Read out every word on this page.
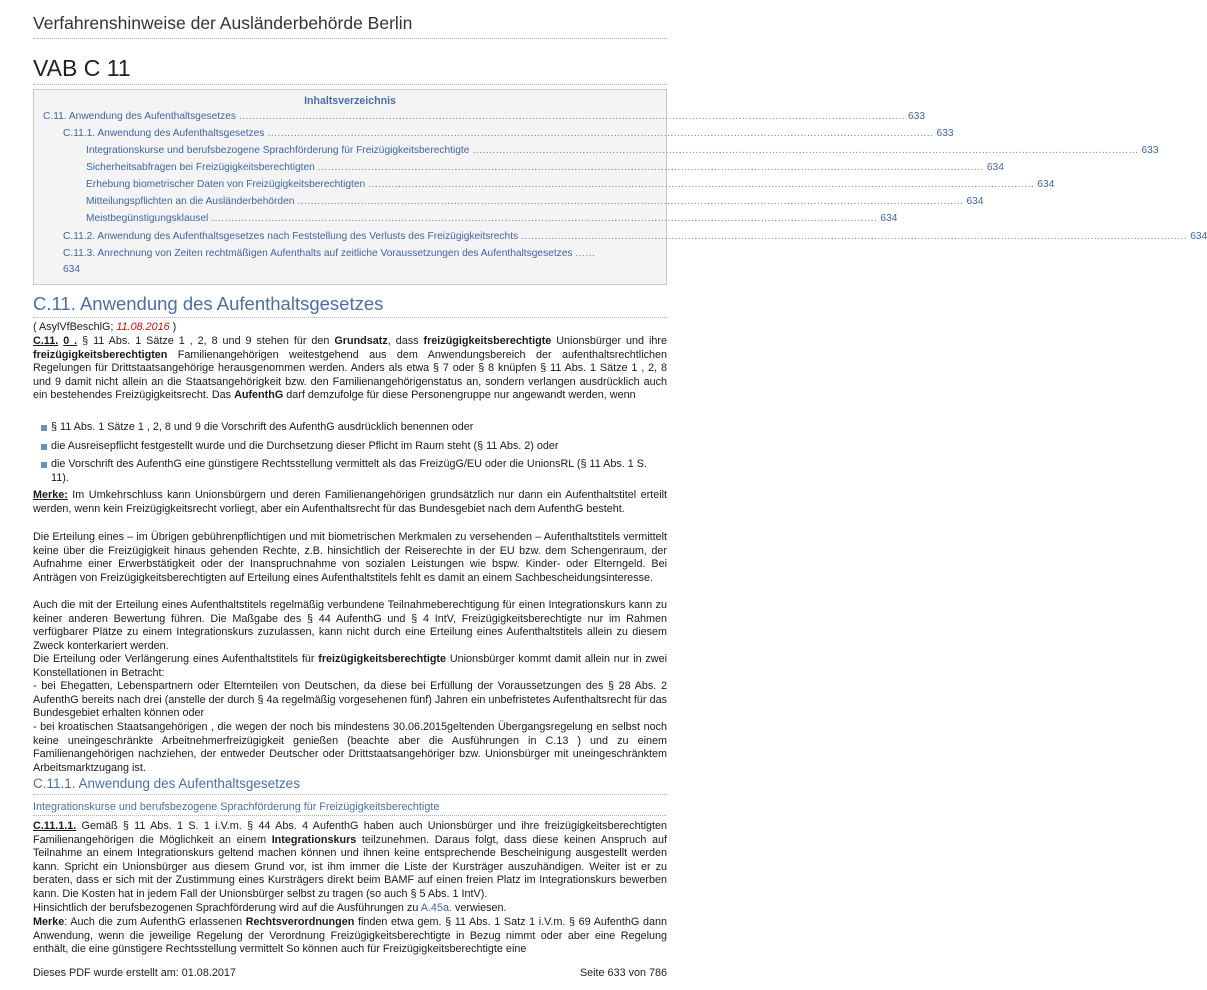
Verfahrenshinweise der Ausländerbehörde Berlin
VAB C 11
Inhaltsverzeichnis
C.11. Anwendung des Aufenthaltsgesetzes ........................................................................................................................................................................................................ 633
C.11.1. Anwendung des Aufenthaltsgesetzes ........................................................................................................................................................................................................ 633
Integrationskurse und berufsbezogene Sprachförderung für Freizügigkeitsberechtigte ........................................................................................................................................................................................................ 633
Sicherheitsabfragen bei Freizügigkeitsberechtigten ........................................................................................................................................................................................................ 634
Erhebung biometrischer Daten von Freizügigkeitsberechtigten ........................................................................................................................................................................................................ 634
Mitteilungspflichten an die Ausländerbehörden ........................................................................................................................................................................................................ 634
Meistbegünstigungsklausel ........................................................................................................................................................................................................ 634
C.11.2. Anwendung des Aufenthaltsgesetzes nach Feststellung des Verlusts des Freizügigkeitsrechts ........................................................................................................................................................................................................ 634
C.11.3. Anrechnung von Zeiten rechtmäßigen Aufenthalts auf zeitliche Voraussetzungen des Aufenthaltsgesetzes ......
634
C.11. Anwendung des Aufenthaltsgesetzes
( AsylVfBeschlG; 11.08.2016 )
C.11. 0 . § 11 Abs. 1 Sätze 1 , 2, 8 und 9 stehen für den Grundsatz, dass freizügigkeitsberechtigte Unionsbürger und ihre freizügigkeitsberechtigten Familienangehörigen weitestgehend aus dem Anwendungsbereich der aufenthaltsrechtlichen Regelungen für Drittstaatsangehörige herausgenommen werden. Anders als etwa § 7 oder § 8 knüpfen § 11 Abs. 1 Sätze 1 , 2, 8 und 9 damit nicht allein an die Staatsangehörigkeit bzw. den Familienangehörigenstatus an, sondern verlangen ausdrücklich auch ein bestehendes Freizügigkeitsrecht. Das AufenthG darf demzufolge für diese Personengruppe nur angewandt werden, wenn
§ 11 Abs. 1 Sätze 1 , 2, 8 und 9 die Vorschrift des AufenthG ausdrücklich benennen oder
die Ausreisepflicht festgestellt wurde und die Durchsetzung dieser Pflicht im Raum steht (§ 11 Abs. 2) oder
die Vorschrift des AufenthG eine günstigere Rechtsstellung vermittelt als das FreizügG/EU oder die UnionsRL (§ 11 Abs. 1 S. 11).
Merke: Im Umkehrschluss kann Unionsbürgern und deren Familienangehörigen grundsätzlich nur dann ein Aufenthaltstitel erteilt werden, wenn kein Freizügigkeitsrecht vorliegt, aber ein Aufenthaltsrecht für das Bundesgebiet nach dem AufenthG besteht.
Die Erteilung eines – im Übrigen gebührenpflichtigen und mit biometrischen Merkmalen zu versehenden – Aufenthaltstitels vermittelt keine über die Freizügigkeit hinaus gehenden Rechte, z.B. hinsichtlich der Reiserechte in der EU bzw. dem Schengenraum, der Aufnahme einer Erwerbstätigkeit oder der Inanspruchnahme von sozialen Leistungen wie bspw. Kinder- oder Elterngeld. Bei Anträgen von Freizügigkeitsberechtigten auf Erteilung eines Aufenthaltstitels fehlt es damit an einem Sachbescheidungsinteresse.
Auch die mit der Erteilung eines Aufenthaltstitels regelmäßig verbundene Teilnahmeberechtigung für einen Integrationskurs kann zu keiner anderen Bewertung führen. Die Maßgabe des § 44 AufenthG und § 4 IntV, Freizügigkeitsberechtigte nur im Rahmen verfügbarer Plätze zu einem Integrationskurs zuzulassen, kann nicht durch eine Erteilung eines Aufenthaltstitels allein zu diesem Zweck konterkariert werden.
Die Erteilung oder Verlängerung eines Aufenthaltstitels für freizügigkeitsberechtigte Unionsbürger kommt damit allein nur in zwei Konstellationen in Betracht:
- bei Ehegatten, Lebenspartnern oder Elternteilen von Deutschen, da diese bei Erfüllung der Voraussetzungen des § 28 Abs. 2 AufenthG bereits nach drei (anstelle der durch § 4a regelmäßig vorgesehenen fünf) Jahren ein unbefristetes Aufenthaltsrecht für das Bundesgebiet erhalten können oder
- bei kroatischen Staatsangehörigen , die wegen der noch bis mindestens 30.06.2015geltenden Übergangsregelung en selbst noch keine uneingeschränkte Arbeitnehmerfreizügigkeit genießen (beachte aber die Ausführungen in C.13 ) und zu einem Familienangehörigen nachziehen, der entweder Deutscher oder Drittstaatsangehöriger bzw. Unionsbürger mit uneingeschränktem Arbeitsmarktzugang ist.
C.11.1. Anwendung des Aufenthaltsgesetzes
Integrationskurse und berufsbezogene Sprachförderung für Freizügigkeitsberechtigte
C.11.1.1. Gemäß § 11 Abs. 1 S. 1 i.V.m. § 44 Abs. 4 AufenthG haben auch Unionsbürger und ihre freizügigkeitsberechtigten Familienangehörigen die Möglichkeit an einem Integrationskurs teilzunehmen. Daraus folgt, dass diese keinen Anspruch auf Teilnahme an einem Integrationskurs geltend machen können und ihnen keine entsprechende Bescheinigung ausgestellt werden kann. Spricht ein Unionsbürger aus diesem Grund vor, ist ihm immer die Liste der Kursträger auszuhändigen. Weiter ist er zu beraten, dass er sich mit der Zustimmung eines Kursträgers direkt beim BAMF auf einen freien Platz im Integrationskurs bewerben kann. Die Kosten hat in jedem Fall der Unionsbürger selbst zu tragen (so auch § 5 Abs. 1 IntV).
Hinsichtlich der berufsbezogenen Sprachförderung wird auf die Ausführungen zu A.45a. verwiesen.
Merke: Auch die zum AufenthG erlassenen Rechtsverordnungen finden etwa gem. § 11 Abs. 1 Satz 1 i.V.m. § 69 AufenthG dann Anwendung, wenn die jeweilige Regelung der Verordnung Freizügigkeitsberechtigte in Bezug nimmt oder aber eine Regelung enthält, die eine günstigere Rechtsstellung vermittelt So können auch für Freizügigkeitsberechtigte eine
Dieses PDF wurde erstellt am: 01.08.2017	Seite 633 von 786
